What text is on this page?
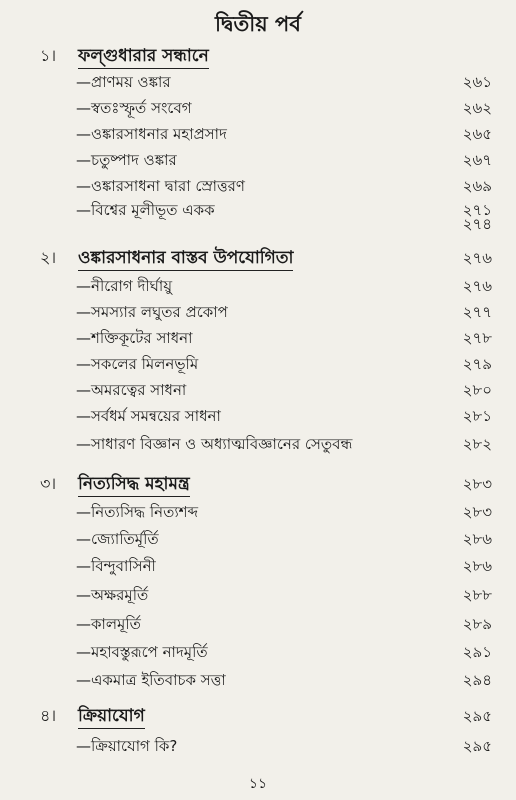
দ্বিতীয় পর্ব
১। ফল্গুধারার সন্ধানে
—প্রাণময় ওঙ্কার	২৬১
—স্বতঃস্ফূর্ত সংবেগ	২৬২
—ওঙ্কারসাধনার মহাপ্রসাদ	২৬৫
—চতুষ্পাদ ওঙ্কার	২৬৭
—ওঙ্কারসাধনা দ্বারা স্রোত্তরণ	২৬৯
—বিশ্বের মূলীভূত একক	২৭১
২৭৪
২। ওঙ্কারসাধনার বাস্তব উপযোগিতা	২৭৬
—নীরোগ দীর্ঘায়ু	২৭৬
—সমস্যার লঘুতর প্রকোপ	২৭৭
—শক্তিকূটের সাধনা	২৭৮
—সকলের মিলনভূমি	২৭৯
—অমরত্বের সাধনা	২৮০
—সর্বধর্ম সমন্বয়ের সাধনা	২৮১
—সাধারণ বিজ্ঞান ও অধ্যাত্মবিজ্ঞানের সেতুবন্ধ	২৮২
৩। নিত্যসিদ্ধ মহামন্ত্র	২৮৩
—নিত্যসিদ্ধ নিত্যশব্দ	২৮৩
—জ্যোতির্মূর্তি	২৮৬
—বিন্দুবাসিনী	২৮৬
—অক্ষরমূর্তি	২৮৮
—কালমূর্তি	২৮৯
—মহাবস্তুরূপে নাদমূর্তি	২৯১
—একমাত্র ইতিবাচক সত্তা	২৯৪
৪। ক্রিয়াযোগ	২৯৫
—ক্রিয়াযোগ কি?	২৯৫
১১
